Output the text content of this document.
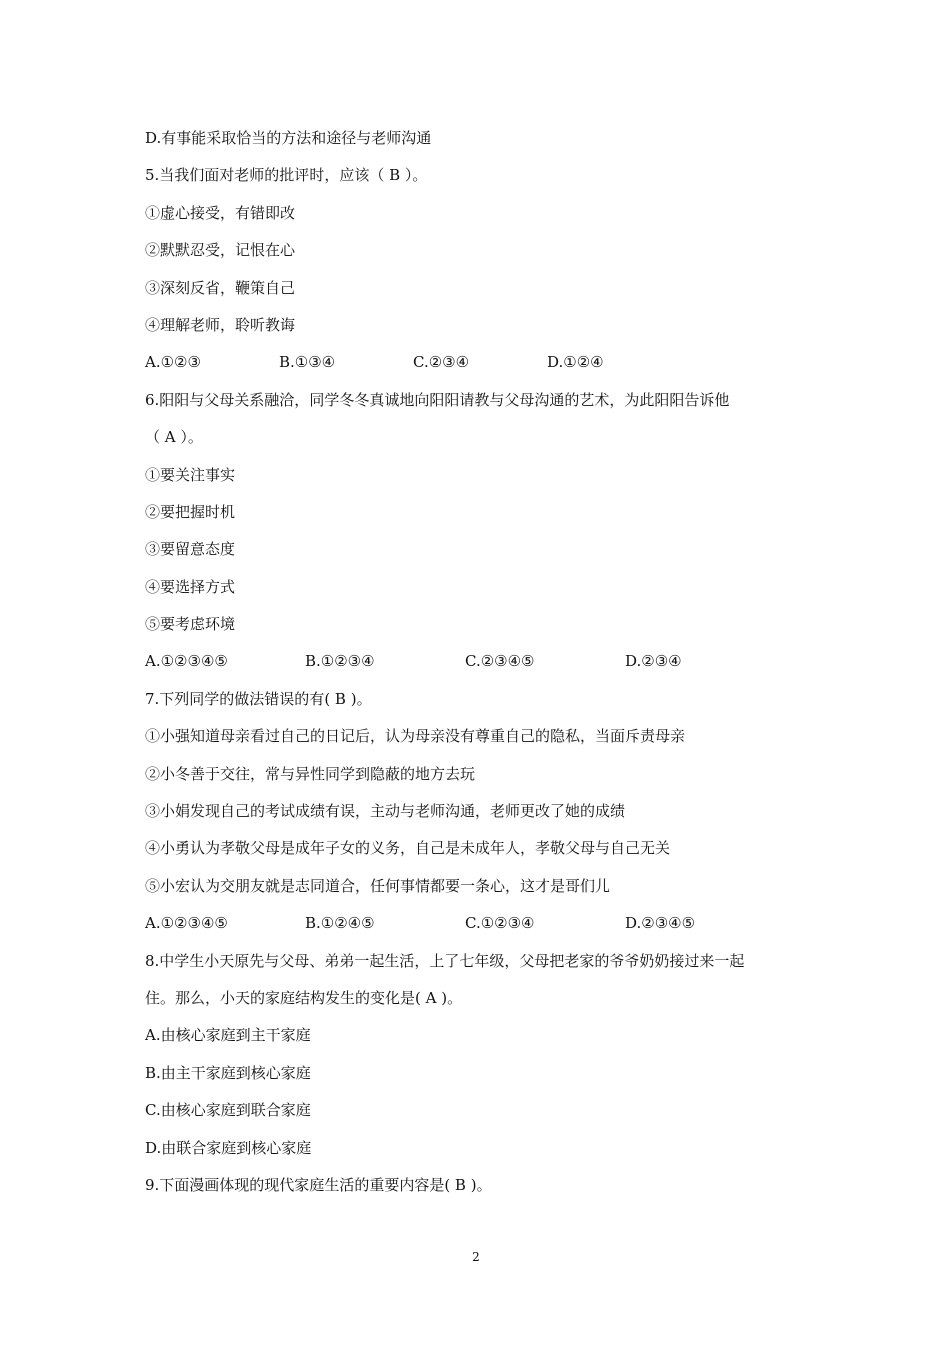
D.有事能采取恰当的方法和途径与老师沟通
5.当我们面对老师的批评时，应该（ B ）。
①虚心接受，有错即改
②默默忍受，记恨在心
③深刻反省，鞭策自己
④理解老师，聆听教诲
A.①②③	B.①③④	C.②③④	D.①②④
6.阳阳与父母关系融洽，同学冬冬真诚地向阳阳请教与父母沟通的艺术，为此阳阳告诉他
（ A ）。
①要关注事实
②要把握时机
③要留意态度
④要选择方式
⑤要考虑环境
A.①②③④⑤	B.①②③④	C.②③④⑤	D.②③④
7.下列同学的做法错误的有( B )。
①小强知道母亲看过自己的日记后，认为母亲没有尊重自己的隐私，当面斥责母亲
②小冬善于交往，常与异性同学到隐蔽的地方去玩
③小娟发现自己的考试成绩有误，主动与老师沟通，老师更改了她的成绩
④小勇认为孝敬父母是成年子女的义务，自己是未成年人，孝敬父母与自己无关
⑤小宏认为交朋友就是志同道合，任何事情都要一条心，这才是哥们儿
A.①②③④⑤	B.①②④⑤	C.①②③④	D.②③④⑤
8.中学生小天原先与父母、弟弟一起生活，上了七年级，父母把老家的爷爷奶奶接过来一起
住。那么，小天的家庭结构发生的变化是( A )。
A.由核心家庭到主干家庭
B.由主干家庭到核心家庭
C.由核心家庭到联合家庭
D.由联合家庭到核心家庭
9.下面漫画体现的现代家庭生活的重要内容是( B )。
2
